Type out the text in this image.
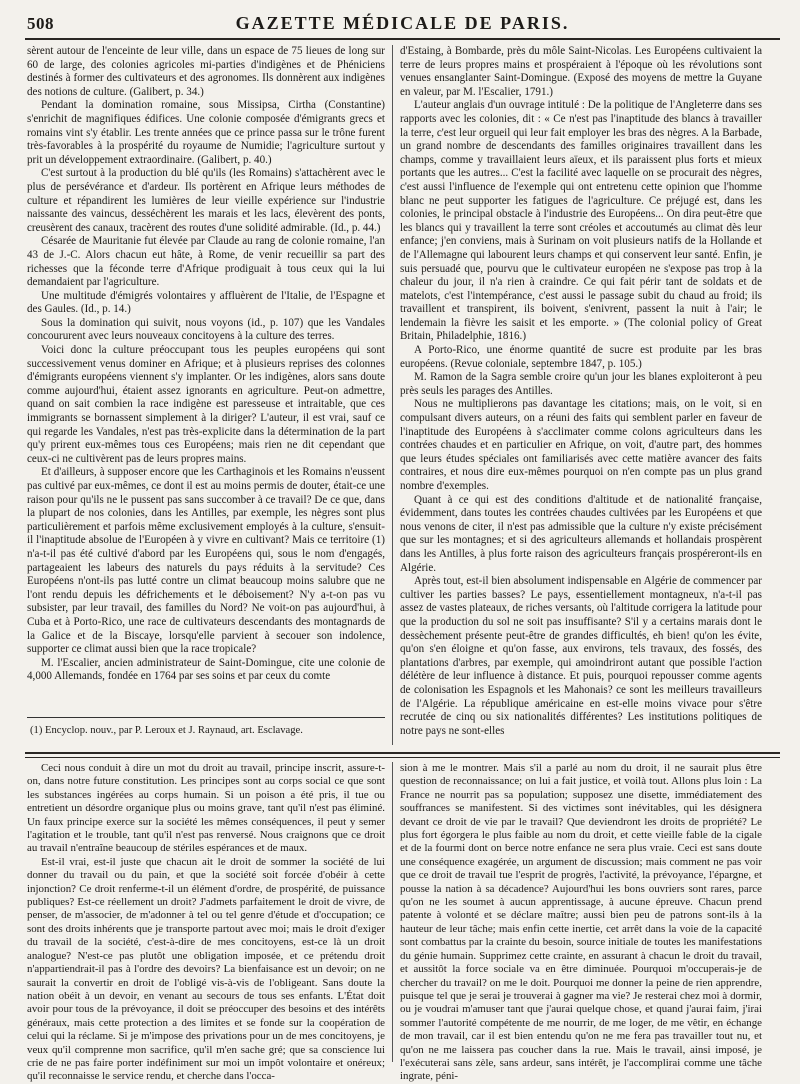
508	GAZETTE MÉDICALE DE PARIS.

sèrent autour de l'enceinte de leur ville, dans un espace de 75 lieues de long sur 60 de large, des colonies agricoles mi-parties d'indigènes et de Phéniciens destinés à former des cultivateurs et des agronomes. Ils donnèrent aux indigènes des notions de culture. (Galibert, p. 34.)

Pendant la domination romaine, sous Missipsa, Cirtha (Constantine) s'enrichit de magnifiques édifices. Une colonie composée d'émigrants grecs et romains vint s'y établir. Les trente années que ce prince passa sur le trône furent très-favorables à la prospérité du royaume de Numidie; l'agriculture surtout y prit un développement extraordinaire. (Galibert, p. 40.)

C'est surtout à la production du blé qu'ils (les Romains) s'attachèrent avec le plus de persévérance et d'ardeur. Ils portèrent en Afrique leurs méthodes de culture et répandirent les lumières de leur vieille expérience sur l'industrie naissante des vaincus, desséchèrent les marais et les lacs, élevèrent des ponts, creusèrent des canaux, tracèrent des routes d'une solidité admirable. (Id., p. 44.)

Césarée de Mauritanie fut élevée par Claude au rang de colonie romaine, l'an 43 de J.-C. Alors chacun eut hâte, à Rome, de venir recueillir sa part des richesses que la féconde terre d'Afrique prodiguait à tous ceux qui la lui demandaient par l'agriculture.

Une multitude d'émigrés volontaires y affluèrent de l'Italie, de l'Espagne et des Gaules. (Id., p. 14.)

Sous la domination qui suivit, nous voyons (id., p. 107) que les Vandales concoururent avec leurs nouveaux concitoyens à la culture des terres.

Voici donc la culture préoccupant tous les peuples européens qui sont successivement venus dominer en Afrique; et à plusieurs reprises des colonnes d'émigrants européens viennent s'y implanter. Or les indigènes, alors sans doute comme aujourd'hui, étaient assez ignorants en agriculture. Peut-on admettre, quand on sait combien la race indigène est paresseuse et intraitable, que ces immigrants se bornassent simplement à la diriger? L'auteur, il est vrai, sauf ce qui regarde les Vandales, n'est pas très-explicite dans la détermination de la part qu'y prirent eux-mêmes tous ces Européens; mais rien ne dit cependant que ceux-ci ne cultivèrent pas de leurs propres mains.

Et d'ailleurs, à supposer encore que les Carthaginois et les Romains n'eussent pas cultivé par eux-mêmes, ce dont il est au moins permis de douter, était-ce une raison pour qu'ils ne le pussent pas sans succomber à ce travail? De ce que, dans la plupart de nos colonies, dans les Antilles, par exemple, les nègres sont plus particulièrement et parfois même exclusivement employés à la culture, s'ensuit-il l'inaptitude absolue de l'Européen à y vivre en cultivant? Mais ce territoire (1) n'a-t-il pas été cultivé d'abord par les Européens qui, sous le nom d'engagés, partageaient les labeurs des naturels du pays réduits à la servitude? Ces Européens n'ont-ils pas lutté contre un climat beaucoup moins salubre que ne l'ont rendu depuis les défrichements et le déboisement? N'y a-t-on pas vu subsister, par leur travail, des familles du Nord? Ne voit-on pas aujourd'hui, à Cuba et à Porto-Rico, une race de cultivateurs descendants des montagnards de la Galice et de la Biscaye, lorsqu'elle parvient à secouer son indolence, supporter ce climat aussi bien que la race tropicale?

M. l'Escalier, ancien administrateur de Saint-Domingue, cite une colonie de 4,000 Allemands, fondée en 1764 par ses soins et par ceux du comte

d'Estaing, à Bombarde, près du môle Saint-Nicolas. Les Européens cultivaient la terre de leurs propres mains et prospéraient à l'époque où les révolutions sont venues ensanglanter Saint-Domingue. (Exposé des moyens de mettre la Guyane en valeur, par M. l'Escalier, 1791.)

L'auteur anglais d'un ouvrage intitulé : De la politique de l'Angleterre dans ses rapports avec les colonies, dit : « Ce n'est pas l'inaptitude des blancs à travailler la terre, c'est leur orgueil qui leur fait employer les bras des nègres. A la Barbade, un grand nombre de descendants des familles originaires travaillent dans les champs, comme y travaillaient leurs aïeux, et ils paraissent plus forts et mieux portants que les autres... C'est la facilité avec laquelle on se procurait des nègres, c'est aussi l'influence de l'exemple qui ont entretenu cette opinion que l'homme blanc ne peut supporter les fatigues de l'agriculture. Ce préjugé est, dans les colonies, le principal obstacle à l'industrie des Européens... On dira peut-être que les blancs qui y travaillent la terre sont créoles et accoutumés au climat dès leur enfance; j'en conviens, mais à Surinam on voit plusieurs natifs de la Hollande et de l'Allemagne qui labourent leurs champs et qui conservent leur santé. Enfin, je suis persuadé que, pourvu que le cultivateur européen ne s'expose pas trop à la chaleur du jour, il n'a rien à craindre. Ce qui fait périr tant de soldats et de matelots, c'est l'intempérance, c'est aussi le passage subit du chaud au froid; ils travaillent et transpirent, ils boivent, s'enivrent, passent la nuit à l'air; le lendemain la fièvre les saisit et les emporte. » (The colonial policy of Great Britain, Philadelphie, 1816.)

A Porto-Rico, une énorme quantité de sucre est produite par les bras européens. (Revue coloniale, septembre 1847, p. 105.)

M. Ramon de la Sagra semble croire qu'un jour les blanes exploiteront à peu près seuls les parages des Antilles.

Nous ne multiplierons pas davantage les citations; mais, on le voit, si en compulsant divers auteurs, on a réuni des faits qui semblent parler en faveur de l'inaptitude des Européens à s'acclimater comme colons agriculteurs dans les contrées chaudes et en particulier en Afrique, on voit, d'autre part, des hommes que leurs études spéciales ont familiarisés avec cette matière avancer des faits contraires, et nous dire eux-mêmes pourquoi on n'en compte pas un plus grand nombre d'exemples.

Quant à ce qui est des conditions d'altitude et de nationalité française, évidemment, dans toutes les contrées chaudes cultivées par les Européens et que nous venons de citer, il n'est pas admissible que la culture n'y existe précisément que sur les montagnes; et si des agriculteurs allemands et hollandais prospèrent dans les Antilles, à plus forte raison des agriculteurs français prospéreront-ils en Algérie.

Après tout, est-il bien absolument indispensable en Algérie de commencer par cultiver les parties basses? Le pays, essentiellement montagneux, n'a-t-il pas assez de vastes plateaux, de riches versants, où l'altitude corrigera la latitude pour que la production du sol ne soit pas insuffisante? S'il y a certains marais dont le dessèchement présente peut-être de grandes difficultés, eh bien! qu'on les évite, qu'on s'en éloigne et qu'on fasse, aux environs, tels travaux, des fossés, des plantations d'arbres, par exemple, qui amoindriront autant que possible l'action délétère de leur influence à distance. Et puis, pourquoi repousser comme agents de colonisation les Espagnols et les Mahonais? ce sont les meilleurs travailleurs de l'Algérie. La république américaine en est-elle moins vivace pour s'être recrutée de cinq ou six nationalités différentes? Les institutions politiques de notre pays ne sont-elles

(1) Encyclop. nouv., par P. Leroux et J. Raynaud, art. Esclavage.

Ceci nous conduit à dire un mot du droit au travail, principe inscrit, assure-t-on, dans notre future constitution. Les principes sont au corps social ce que sont les substances ingérées au corps humain. Si un poison a été pris, il tue ou entretient un désordre organique plus ou moins grave, tant qu'il n'est pas éliminé. Un faux principe exerce sur la société les mêmes conséquences, il peut y semer l'agitation et le trouble, tant qu'il n'est pas renversé. Nous craignons que ce droit au travail n'entraîne beaucoup de stériles espérances et de maux.

Est-il vrai, est-il juste que chacun ait le droit de sommer la société de lui donner du travail ou du pain, et que la société soit forcée d'obéir à cette injonction? Ce droit renferme-t-il un élément d'ordre, de prospérité, de puissance publiques? Est-ce réellement un droit? J'admets parfaitement le droit de vivre, de penser, de m'associer, de m'adonner à tel ou tel genre d'étude et d'occupation; ce sont des droits inhérents que je transporte partout avec moi; mais le droit d'exiger du travail de la société, c'est-à-dire de mes concitoyens, est-ce là un droit analogue? N'est-ce pas plutôt une obligation imposée, et ce prétendu droit n'appartiendrait-il pas à l'ordre des devoirs? La bienfaisance est un devoir; on ne saurait la convertir en droit de l'obligé vis-à-vis de l'obligeant. Sans doute la nation obéit à un devoir, en venant au secours de tous ses enfants. L'État doit avoir pour tous de la prévoyance, il doit se préoccuper des besoins et des intérêts généraux, mais cette protection a des limites et se fonde sur la coopération de celui qui la réclame. Si je m'impose des privations pour un de mes concitoyens, je veux qu'il comprenne mon sacrifice, qu'il m'en sache gré; que sa conscience lui crie de ne pas faire porter indéfiniment sur moi un impôt volontaire et onéreux; qu'il reconnaisse le service rendu, et cherche dans l'occa-

sion à me le montrer. Mais s'il a parlé au nom du droit, il ne saurait plus être question de reconnaissance; on lui a fait justice, et voilà tout. Allons plus loin : La France ne nourrit pas sa population; supposez une disette, immédiatement des souffrances se manifestent. Si des victimes sont inévitables, qui les désignera devant ce droit de vie par le travail? Que deviendront les droits de propriété? Le plus fort égorgera le plus faible au nom du droit, et cette vieille fable de la cigale et de la fourmi dont on berce notre enfance ne sera plus vraie. Ceci est sans doute une conséquence exagérée, un argument de discussion; mais comment ne pas voir que ce droit de travail tue l'esprit de progrès, l'activité, la prévoyance, l'épargne, et pousse la nation à sa décadence? Aujourd'hui les bons ouvriers sont rares, parce qu'on ne les soumet à aucun apprentissage, à aucune épreuve. Chacun prend patente à volonté et se déclare maître; aussi bien peu de patrons sont-ils à la hauteur de leur tâche; mais enfin cette inertie, cet arrêt dans la voie de la capacité sont combattus par la crainte du besoin, source initiale de toutes les manifestations du génie humain. Supprimez cette crainte, en assurant à chacun le droit du travail, et aussitôt la force sociale va en être diminuée. Pourquoi m'occuperais-je de chercher du travail? on me le doit. Pourquoi me donner la peine de rien apprendre, puisque tel que je serai je trouverai à gagner ma vie? Je resterai chez moi à dormir, ou je voudrai m'amuser tant que j'aurai quelque chose, et quand j'aurai faim, j'irai sommer l'autorité compétente de me nourrir, de me loger, de me vêtir, en échange de mon travail, car il est bien entendu qu'on ne me fera pas travailler tout nu, et qu'on ne me laissera pas coucher dans la rue. Mais le travail, ainsi imposé, je l'exécuterai sans zèle, sans ardeur, sans intérêt, je l'accomplirai comme une tâche ingrate, péni-
